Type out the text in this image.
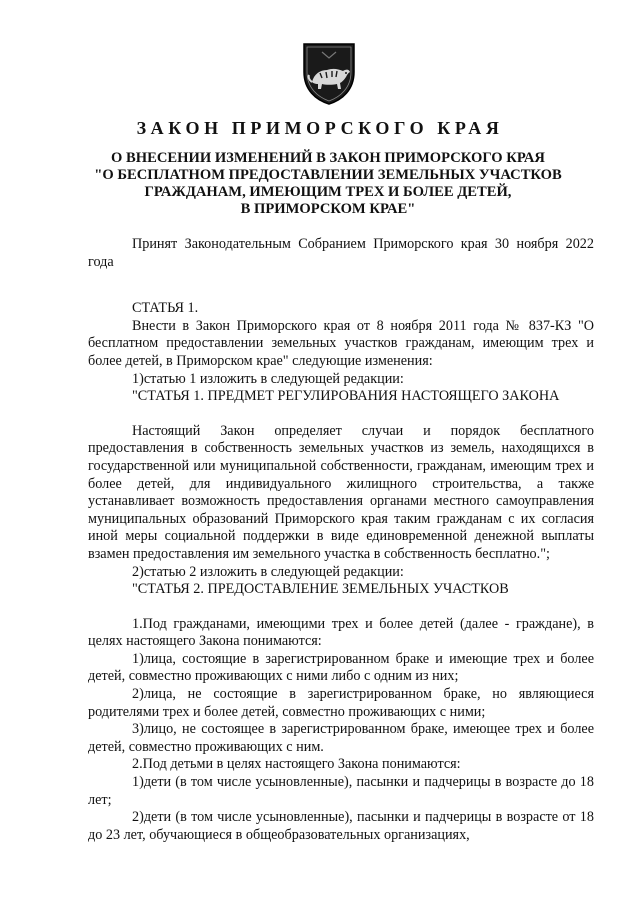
ЗАКОН ПРИМОРСКОГО КРАЯ
О ВНЕСЕНИИ ИЗМЕНЕНИЙ В ЗАКОН ПРИМОРСКОГО КРАЯ
"О БЕСПЛАТНОМ ПРЕДОСТАВЛЕНИИ ЗЕМЕЛЬНЫХ УЧАСТКОВ
ГРАЖДАНАМ, ИМЕЮЩИМ ТРЕХ И БОЛЕЕ ДЕТЕЙ,
В ПРИМОРСКОМ КРАЕ"

Принят Законодательным Собранием Приморского края 30 ноября 2022 года

СТАТЬЯ 1.

Внести в Закон Приморского края от 8 ноября 2011 года № 837-КЗ "О бесплатном предоставлении земельных участков гражданам, имеющим трех и более детей, в Приморском крае" следующие изменения:

1)статью 1 изложить в следующей редакции:

"СТАТЬЯ 1. ПРЕДМЕТ РЕГУЛИРОВАНИЯ НАСТОЯЩЕГО ЗАКОНА

Настоящий Закон определяет случаи и порядок бесплатного предоставления в собственность земельных участков из земель, находящихся в государственной или муниципальной собственности, гражданам, имеющим трех и более детей, для индивидуального жилищного строительства, а также устанавливает возможность предоставления органами местного самоуправления муниципальных образований Приморского края таким гражданам с их согласия иной меры социальной поддержки в виде единовременной денежной выплаты взамен предоставления им земельного участка в собственность бесплатно.";

2)статью 2 изложить в следующей редакции:

"СТАТЬЯ 2. ПРЕДОСТАВЛЕНИЕ ЗЕМЕЛЬНЫХ УЧАСТКОВ

1.Под гражданами, имеющими трех и более детей (далее - граждане), в целях настоящего Закона понимаются:

1)лица, состоящие в зарегистрированном браке и имеющие трех и более детей, совместно проживающих с ними либо с одним из них;

2)лица, не состоящие в зарегистрированном браке, но являющиеся родителями трех и более детей, совместно проживающих с ними;

3)лицо, не состоящее в зарегистрированном браке, имеющее трех и более детей, совместно проживающих с ним.

2.Под детьми в целях настоящего Закона понимаются:

1)дети (в том числе усыновленные), пасынки и падчерицы в возрасте до 18 лет;

2)дети (в том числе усыновленные), пасынки и падчерицы в возрасте от 18 до 23 лет, обучающиеся в общеобразовательных организациях,
